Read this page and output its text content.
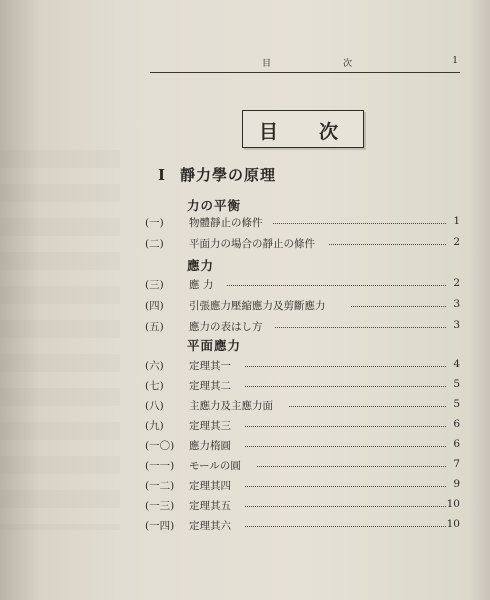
目	次	1
目 次
I 靜力學の原理
力の平衡
(一)	物體靜止の條件	1
(二)	平面力の場合の靜止の條件	2
應力
(三)	應 力	2
(四)	引張應力壓縮應力及剪斷應力	3
(五)	應力の表はし方	3
平面應力
(六)	定理其一	4
(七)	定理其二	5
(八)	主應力及主應力面	5
(九)	定理其三	6
(一〇)	應力楕圓	6
(一一)	モールの圓	7
(一二)	定理其四	9
(一三)	定理其五	10
(一四)	定理其六	10
